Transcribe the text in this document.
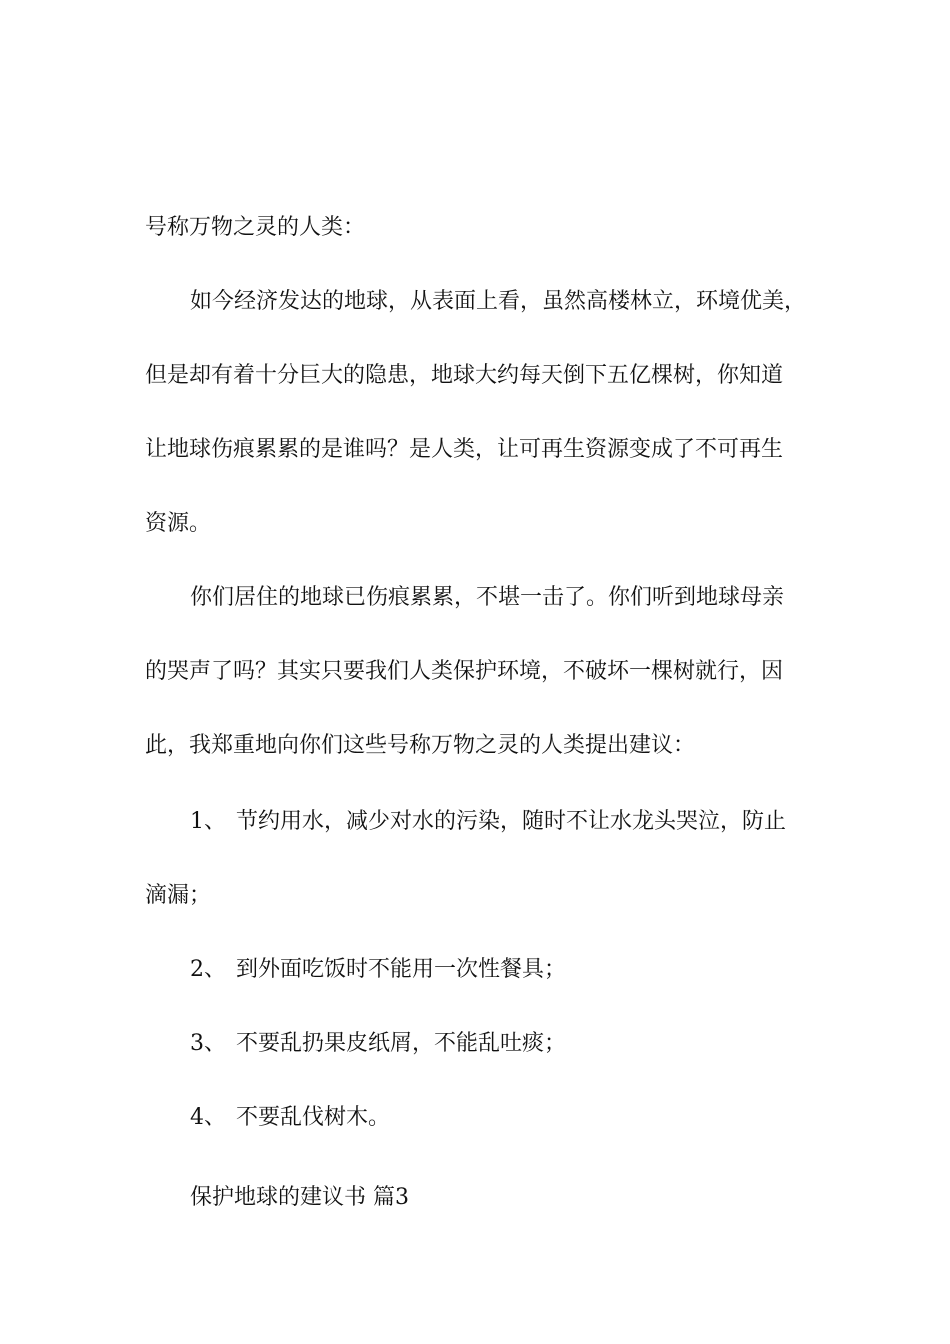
号称万物之灵的人类：
如今经济发达的地球，从表面上看，虽然高楼林立，环境优美，
但是却有着十分巨大的隐患，地球大约每天倒下五亿棵树，你知道
让地球伤痕累累的是谁吗？是人类，让可再生资源变成了不可再生
资源。
你们居住的地球已伤痕累累，不堪一击了。你们听到地球母亲
的哭声了吗？其实只要我们人类保护环境，不破坏一棵树就行，因
此，我郑重地向你们这些号称万物之灵的人类提出建议：
1、 节约用水，减少对水的污染，随时不让水龙头哭泣，防止
滴漏；
2、 到外面吃饭时不能用一次性餐具；
3、 不要乱扔果皮纸屑，不能乱吐痰；
4、 不要乱伐树木。
保护地球的建议书 篇3
